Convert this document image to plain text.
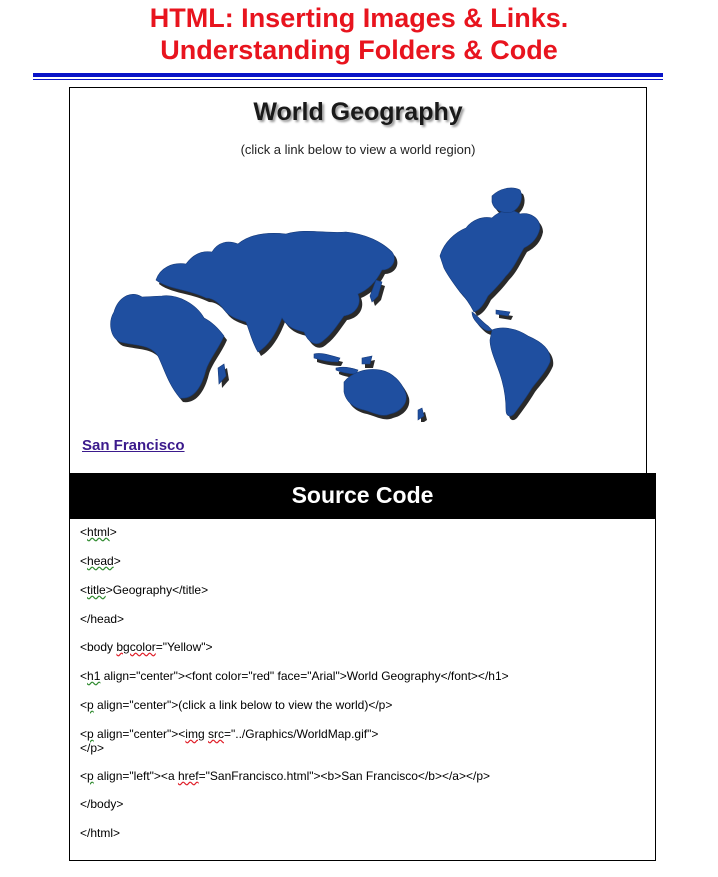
HTML: Inserting Images & Links.
Understanding Folders & Code
World Geography
(click a link below to view a world region)
San Francisco
Source Code
<html>
<head>
<title>Geography</title>
</head>
<body bgcolor="Yellow">
<h1 align="center"><font color="red" face="Arial">World Geography</font></h1>
<p align="center">(click a link below to view the world)</p>
<p align="center"><img src="../Graphics/WorldMap.gif">
</p>
<p align="left"><a href="SanFrancisco.html"><b>San Francisco</b></a></p>
</body>
</html>
